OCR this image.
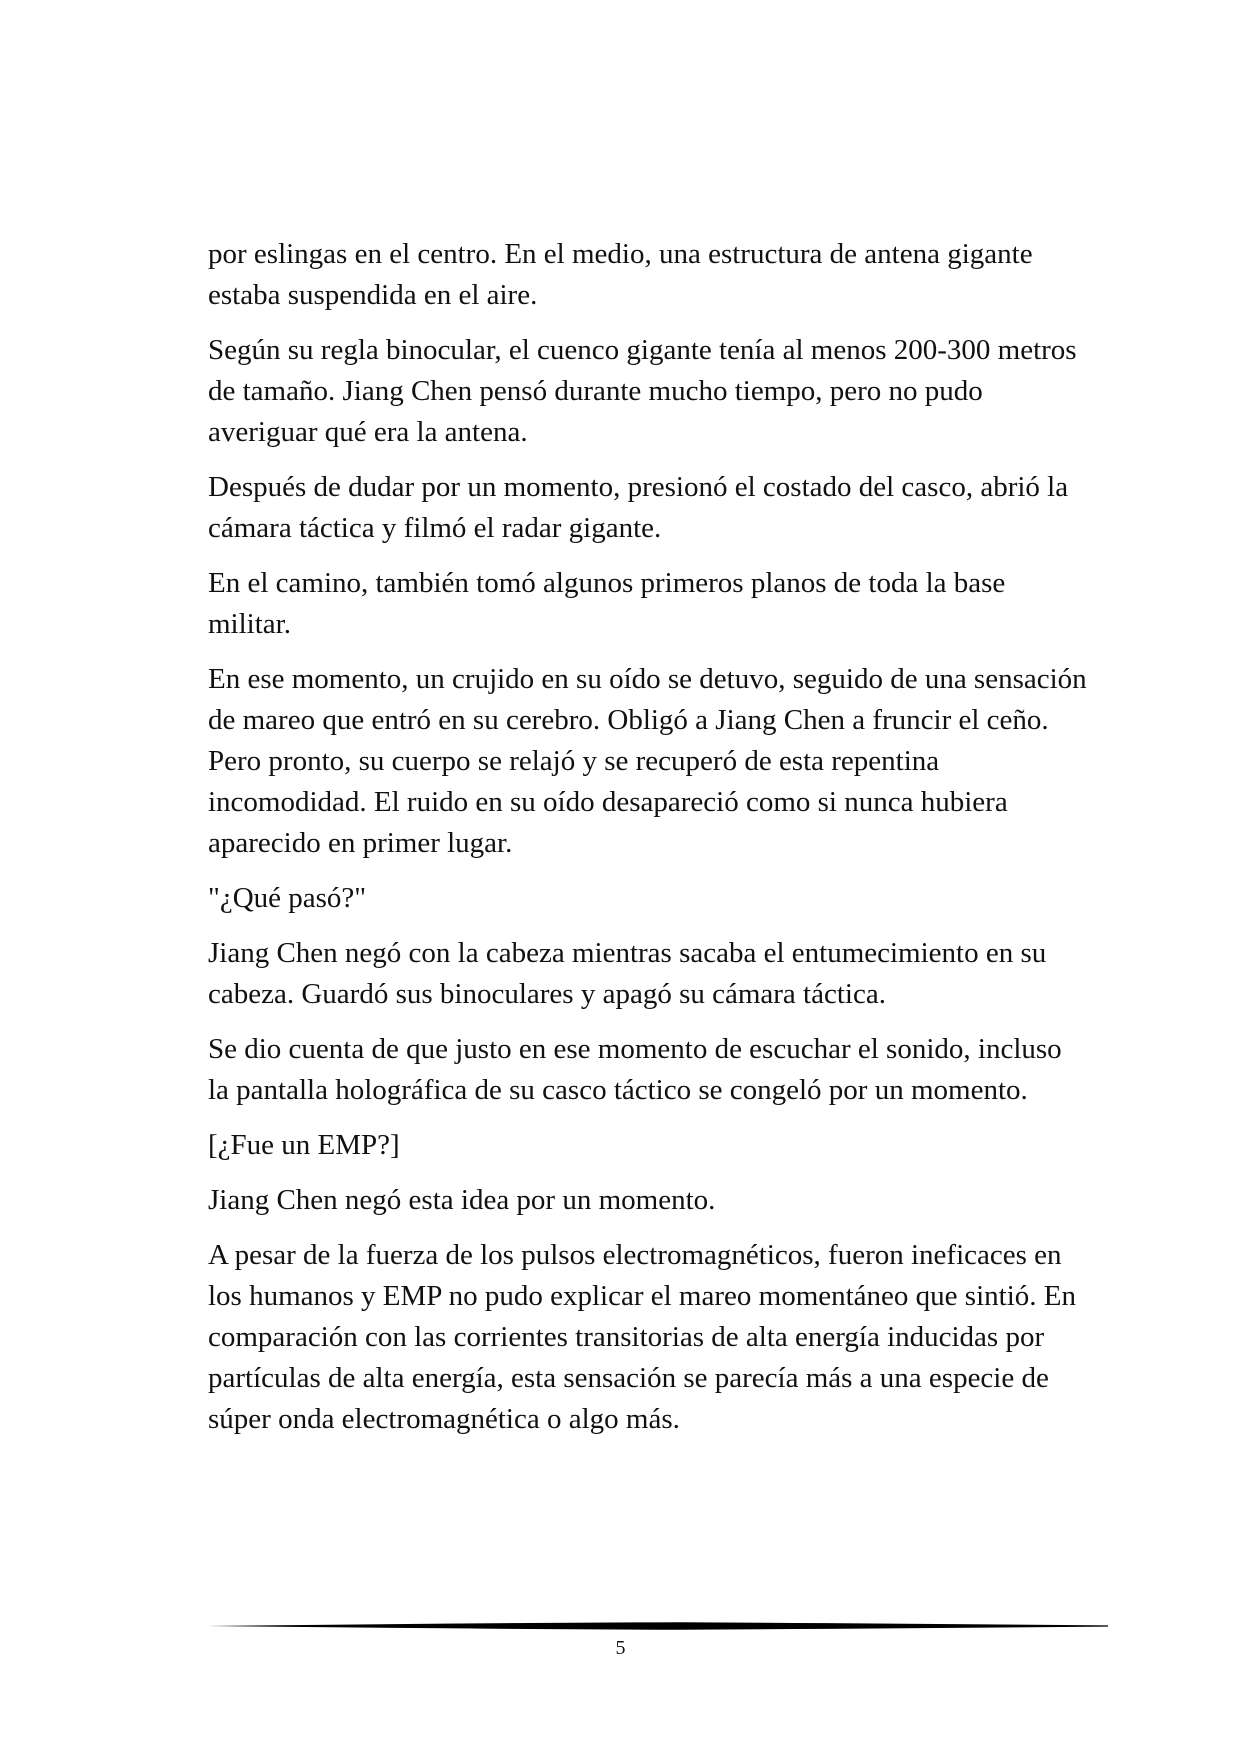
por eslingas en el centro. En el medio, una estructura de antena gigante estaba suspendida en el aire.

Según su regla binocular, el cuenco gigante tenía al menos 200-300 metros de tamaño. Jiang Chen pensó durante mucho tiempo, pero no pudo averiguar qué era la antena.

Después de dudar por un momento, presionó el costado del casco, abrió la cámara táctica y filmó el radar gigante.

En el camino, también tomó algunos primeros planos de toda la base militar.

En ese momento, un crujido en su oído se detuvo, seguido de una sensación de mareo que entró en su cerebro. Obligó a Jiang Chen a fruncir el ceño. Pero pronto, su cuerpo se relajó y se recuperó de esta repentina incomodidad. El ruido en su oído desapareció como si nunca hubiera aparecido en primer lugar.

"¿Qué pasó?"

Jiang Chen negó con la cabeza mientras sacaba el entumecimiento en su cabeza. Guardó sus binoculares y apagó su cámara táctica.

Se dio cuenta de que justo en ese momento de escuchar el sonido, incluso la pantalla holográfica de su casco táctico se congeló por un momento.

[¿Fue un EMP?]

Jiang Chen negó esta idea por un momento.

A pesar de la fuerza de los pulsos electromagnéticos, fueron ineficaces en los humanos y EMP no pudo explicar el mareo momentáneo que sintió. En comparación con las corrientes transitorias de alta energía inducidas por partículas de alta energía, esta sensación se parecía más a una especie de súper onda electromagnética o algo más.

5
